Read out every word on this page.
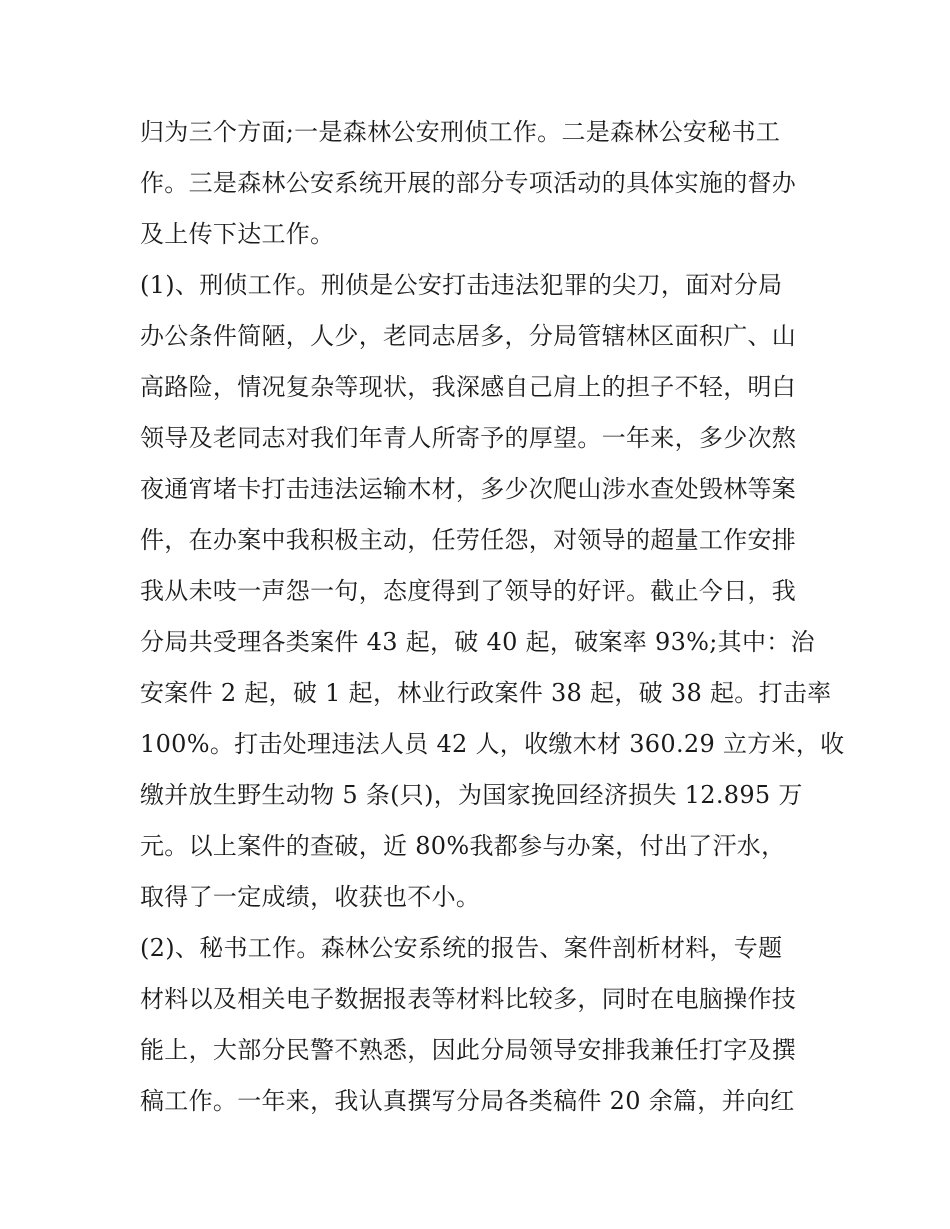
归为三个方面;一是森林公安刑侦工作。二是森林公安秘书工
作。三是森林公安系统开展的部分专项活动的具体实施的督办
及上传下达工作。
(1)、刑侦工作。刑侦是公安打击违法犯罪的尖刀，面对分局
办公条件简陋，人少，老同志居多，分局管辖林区面积广、山
高路险，情况复杂等现状，我深感自己肩上的担子不轻，明白
领导及老同志对我们年青人所寄予的厚望。一年来，多少次熬
夜通宵堵卡打击违法运输木材，多少次爬山涉水查处毁林等案
件，在办案中我积极主动，任劳任怨，对领导的超量工作安排
我从未吱一声怨一句，态度得到了领导的好评。截止今日，我
分局共受理各类案件 43 起，破 40 起，破案率 93%;其中：治
安案件 2 起，破 1 起，林业行政案件 38 起，破 38 起。打击率
100%。打击处理违法人员 42 人，收缴木材 360.29 立方米，收
缴并放生野生动物 5 条(只)，为国家挽回经济损失 12.895 万
元。以上案件的查破，近 80%我都参与办案，付出了汗水，
取得了一定成绩，收获也不小。
(2)、秘书工作。森林公安系统的报告、案件剖析材料，专题
材料以及相关电子数据报表等材料比较多，同时在电脑操作技
能上，大部分民警不熟悉，因此分局领导安排我兼任打字及撰
稿工作。一年来，我认真撰写分局各类稿件 20 余篇，并向红
